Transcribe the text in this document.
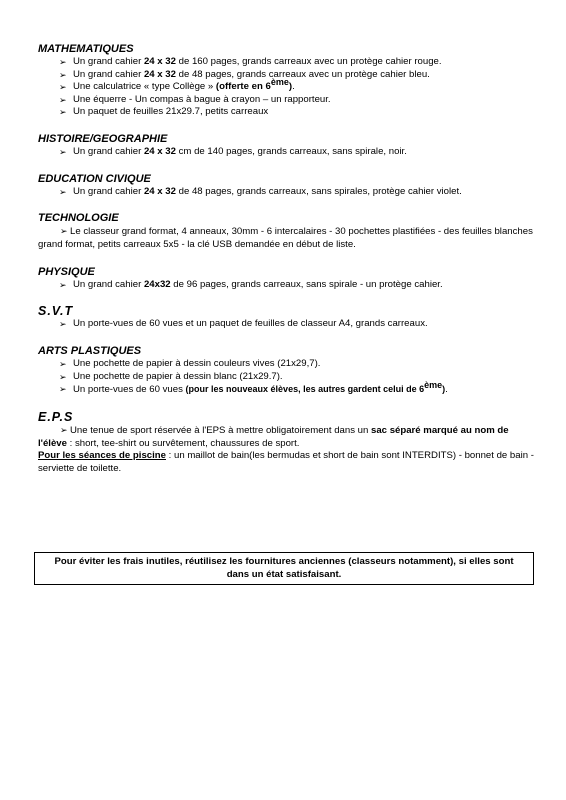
MATHEMATIQUES

➢ Un grand cahier 24 x 32 de 160 pages, grands carreaux avec un protège cahier rouge.
➢ Un grand cahier 24 x 32 de 48 pages, grands carreaux avec un protège cahier bleu.
➢ Une calculatrice « type Collège » (offerte en 6ème).
➢ Une équerre - Un compas à bague à crayon – un rapporteur.
➢ Un paquet de feuilles 21x29.7, petits carreaux

HISTOIRE/GEOGRAPHIE

➢ Un grand cahier 24 x 32 cm de 140 pages, grands carreaux, sans spirale, noir.

EDUCATION CIVIQUE

➢ Un grand cahier 24 x 32 de 48 pages, grands carreaux, sans spirales, protège cahier violet.

TECHNOLOGIE

➢ Le classeur grand format, 4 anneaux, 30mm - 6 intercalaires - 30 pochettes plastifiées - des feuilles blanches grand format, petits carreaux 5x5 - la clé USB demandée en début de liste.

PHYSIQUE

➢ Un grand cahier 24x32 de 96 pages, grands carreaux, sans spirale - un protège cahier.

S.V.T

➢ Un porte-vues de 60 vues et un paquet de feuilles de classeur A4, grands carreaux.

ARTS PLASTIQUES

➢ Une pochette de papier à dessin couleurs vives (21x29,7).
➢ Une pochette de papier à dessin blanc (21x29.7).
➢ Un porte-vues de 60 vues (pour les nouveaux élèves, les autres gardent celui de 6ème).

E.P.S

➢ Une tenue de sport réservée à l'EPS à mettre obligatoirement dans un sac séparé marqué au nom de l'élève : short, tee-shirt ou survêtement, chaussures de sport.

Pour les séances de piscine : un maillot de bain(les bermudas et short de bain sont INTERDITS) - bonnet de bain - serviette de toilette.

Pour éviter les frais inutiles, réutilisez les fournitures anciennes (classeurs notamment), si elles sont
dans un état satisfaisant.
